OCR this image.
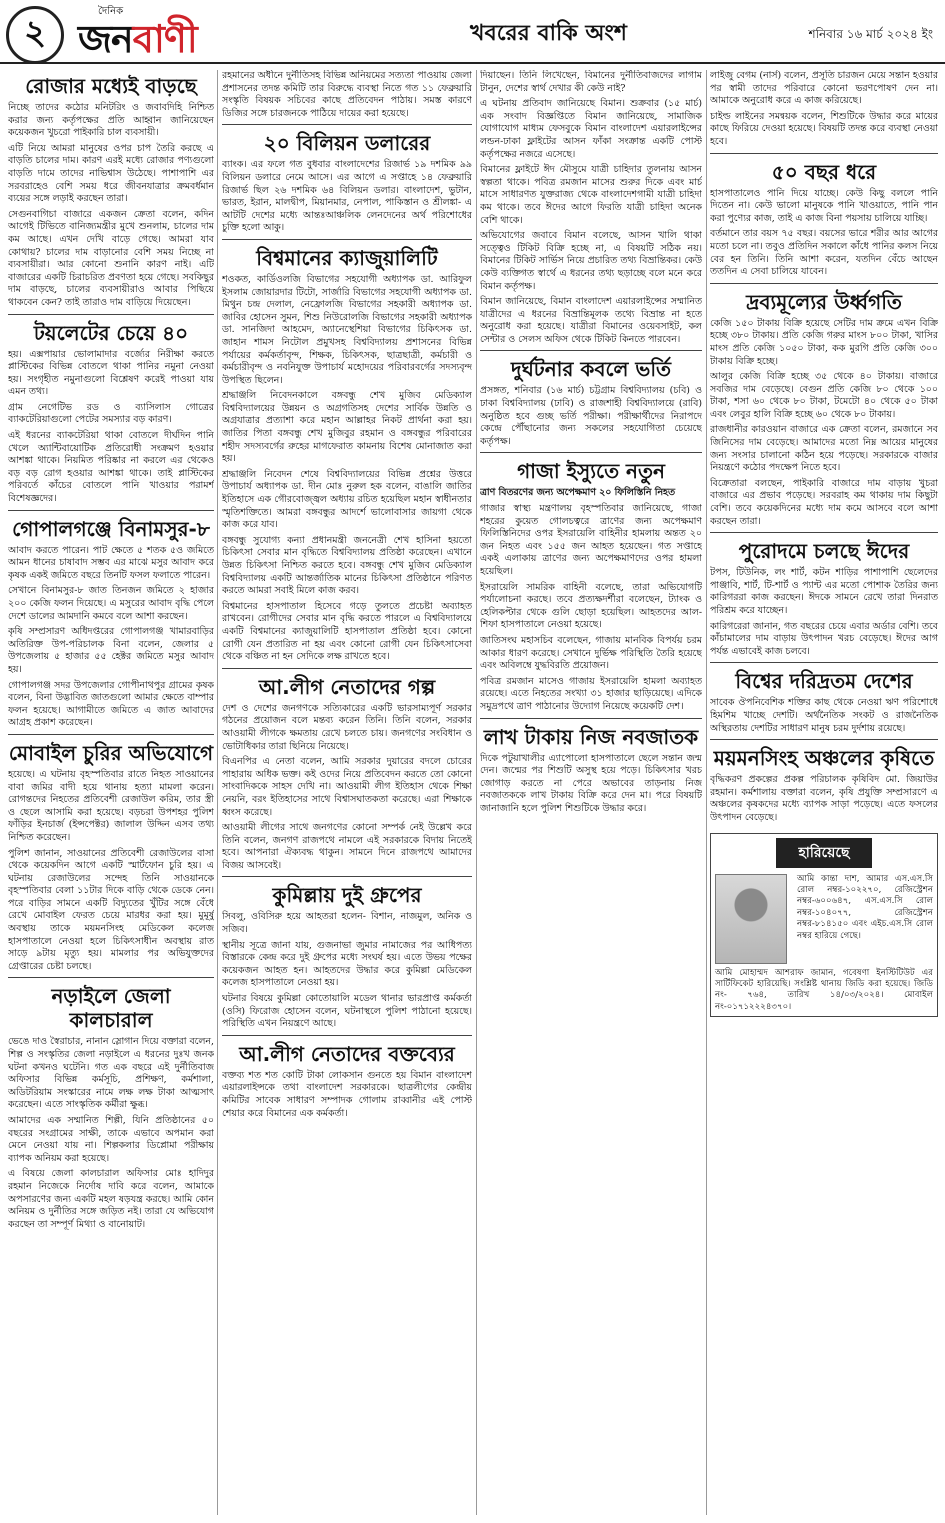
২
দৈনিক
জনবাণী	খবরের বাকি অংশ	শনিবার ১৬ মার্চ ২০২৪ ইং
রোজার মধ্যেই বাড়ছে

নিচ্ছে তাদের কঠোর মনিটরিং ও জবাবদিহি নিশ্চিত করার জন্য কর্তৃপক্ষের প্রতি আহ্বান জানিয়েছেন কয়েকজন খুচরো পাইকারি চাল ব্যবসায়ী।

এটি নিয়ে আমরা মানুষের ওপর চাপ তৈরি করছে এ বাড়তি চালের দাম। কারণ এরই মধ্যে রোজার পণ্যগুলো বাড়তি দামে তাদের নাভিশ্বাস উঠেছে। পাশাপাশি এর সরবরাহেও বেশি সময় ধরে জীবনযাত্রার ক্রমবর্ধমান ব্যয়ের সঙ্গে লড়াই করছেন তারা।

সেগুনবাগিচা বাজারে একজন ক্রেতা বলেন, কদিন আগেই টিভিতে বানিজ্যমন্ত্রীর মুখে শুনলাম, চালের দাম কম আছে। এখন দেখি বাড়ে গেছে। আমরা যাব কোথায়? চালের দাম বাড়ানোর বেশি সময় নিচ্ছে না ব্যবসায়ীরা। আর কোনো শুনানি কারণ নাই। এটি বাজারের একটি চিরাচরিত প্রবণতা হয়ে গেছে। সবকিছুর দাম বাড়ছে, চালের ব্যবসায়ীরাও আবার পিছিয়ে থাকবেন কেন? তাই তারাও দাম বাড়িয়ে দিয়েছেন।

টয়লেটের চেয়ে ৪০

হয়। এক্সপায়ার ভোলামাদার বর্জ্যের নিরীক্ষা করতে প্লাস্টিকের বিভিন্ন বোতলে থাকা পানির নমুনা নেওয়া হয়। সংগৃহীত নমুনাগুলো বিশ্লেষণ করেই পাওয়া যায় এমন তথ্য।

গ্রাম নেগেটিভ রড ও ব্যাসিলাস গোত্রের ব্যাকটেরিয়াগুলো পেটের সমস্যার বড় কারণ।

এই ধরনের ব্যাকটেরিয়া থাকা বোতলে দীর্ঘদিন পানি খেলে অ্যান্টিবায়োটিক প্রতিরোধী সংক্রমণ হওয়ার আশঙ্কা থাকে। নিয়মিত পরিষ্কার না করলে এর থেকেও বড় বড় রোগ হওয়ার আশঙ্কা থাকে। তাই প্লাস্টিকের পরিবর্তে কাঁচের বোতলে পানি খাওয়ার পরামর্শ বিশেষজ্ঞদের।

গোপালগঞ্জে বিনামসুর-৮

আবাদ করতে পারেন। পাট ক্ষেতে ৫ শতক ৫ও জমিতে আমন ধানের চাষাবাদ সম্ভব এর মাঝে মসুর আবাদ করে কৃষক একই জমিতে বছরে তিনটি ফসল ফলাতে পারেন।

সেখানে বিনামসুর-৮ জাত তিনজন জমিতে ২ হাজার ২০০ কেজি ফলন দিয়েছে। এ মসুরের আবাদ বৃদ্ধি পেলে দেশে ডালের আমদানি কমবে বলে আশা করছেন।

কৃষি সম্প্রসারণ অধিদপ্তরের গোপালগঞ্জ খামারবাড়ির অতিরিক্ত উপ-পরিচালক বিনা বলেন, জেলার ৫ উপজেলায় ৫ হাজার ৫৫ হেক্টর জমিতে মসুর আবাদ হয়।

গোপালগঞ্জ সদর উপজেলার গোপীনাথপুর গ্রামের কৃষক বলেন, বিনা উদ্ভাবিত জাতগুলো আমার ক্ষেতে বাম্পার ফলন হয়েছে। আগামীতে জমিতে এ জাত আবাদের আগ্রহ প্রকাশ করেছেন।

মোবাইল চুরির অভিযোগে

হয়েছে। এ ঘটনায় বৃহস্পতিবার রাতে নিহত সাওয়ানের বাবা জমির বাদী হয়ে থানায় হত্যা মামলা করেন। রোগন্তদের নিহতের প্রতিবেশী রেজাউল করিম, তার স্ত্রী ও ছেলে আসামি করা হয়েছে। বড়চরা উপশহর পুলিশ ফাঁড়ির ইনচার্জ (ইন্সপেক্টর) জালাল উদ্দিন এসব তথ্য নিশ্চিত করেছেন।

পুলিশ জানান, সাওয়ানের প্রতিবেশী রেজাউলের বাসা থেকে কয়েকদিন আগে একটি স্মার্টফোন চুরি হয়। এ ঘটনায় রেজাউলের সন্দেহ তিনি সাওয়ানকে বৃহস্পতিবার বেলা ১১টার দিকে বাড়ি থেকে ডেকে নেন। পরে বাড়ির সামনে একটি বিদ্যুতের খুঁটির সঙ্গে বেঁধে রেখে মোবাইল ফেরত চেয়ে মারধর করা হয়। মুমূর্ষু অবস্থায় তাকে ময়মনসিংহ মেডিকেল কলেজ হাসপাতালে নেওয়া হলে চিকিৎসাধীন অবস্থায় রাত সাড়ে ৯টায় মৃত্যু হয়। মামলার পর অভিযুক্তদের গ্রেপ্তারের চেষ্টা চলছে।

নড়াইলে জেলা কালচারাল

ভেঙে দাও স্বৈরাচার, নানান স্লোগান দিয়ে বক্তারা বলেন, শিল্প ও সংস্কৃতির জেলা নড়াইলে এ ধরনের দুঃখ জনক ঘটনা কখনও ঘটেনি। গত এক বছরে এই দুর্নীতিবাজ অফিসার বিভিন্ন কর্মসূচি, প্রশিক্ষণ, কর্মশালা, অডিটরিয়াম সংস্কারের নামে লক্ষ লক্ষ টাকা আত্মসাৎ করেছেন। এতে সাংস্কৃতিক কর্মীরা ক্ষুব্ধ।

আমাদের এক সম্মানিত শিল্পী, যিনি প্রতিষ্ঠানের ৫০ বছরের সংগ্রামের সাক্ষী, তাকে এভাবে অপমান করা মেনে নেওয়া যায় না। শিল্পকলার ডিপ্লোমা পরীক্ষায় ব্যাপক অনিয়ম করা হয়েছে।

এ বিষয়ে জেলা কালচারাল অফিসার মোঃ হাদিদুর রহমান নিজেকে নির্দোষ দাবি করে বলেন, আমাকে অপসারণের জন্য একটি মহল ষড়যন্ত্র করছে। আমি কোন অনিয়ম ও দুর্নীতির সঙ্গে জড়িত নই। তারা যে অভিযোগ করছেন তা সম্পূর্ণ মিথ্যা ও বানোয়াট।

রহমানের অধীনে দুর্নীতিসহ বিভিন্ন অনিয়মের সত্যতা পাওয়ায় জেলা প্রশাসনের তদন্ত কমিটি তার বিরুদ্ধে ব্যবস্থা নিতে গত ১১ ফেব্রুয়ারি সংস্কৃতি বিষয়ক সচিবের কাছে প্রতিবেদন পাঠায়। সমস্ত কারণে ডিজির সঙ্গে চারজনকে পাঠিয়ে দায়ের করা হয়েছে।

২০ বিলিয়ন ডলারের

ব্যাংক। এর ফলে গত বুধবার বাংলাদেশের রিজার্ভ ১৯ দশমিক ৯৯ বিলিয়ন ডলারে নেমে আসে। এর আগে এ সপ্তাহে ১৪ ফেব্রুয়ারি রিজার্ভ ছিল ২৬ দশমিক ৬৪ বিলিয়ন ডলার। বাংলাদেশ, ভুটান, ভারত, ইরান, মালদ্বীপ, মিয়ানমার, নেপাল, পাকিস্তান ও শ্রীলঙ্কা- এ আটটি দেশের মধ্যে আন্তঃআঞ্চলিক লেনদেনের অর্থ পরিশোধের চুক্তি হলো আকু।

বিশ্বমানের ক্যাজুয়ালিটি

শওকত, কার্ডিওলজি বিভাগের সহযোগী অধ্যাপক ডা. আরিফুল ইসলাম জোয়ারদার টিটো, সার্জারি বিভাগের সহযোগী অধ্যাপক ডা. মিথুন চন্দ্র দেলাল, নেফ্রোলজি বিভাগের সহকারী অধ্যাপক ডা. জাবির হোসেন সুমন, শিশু নিউরোলজি বিভাগের সহকারী অধ্যাপক ডা. সানজিদা আহমেদ, অ্যানেস্থেশিয়া বিভাগের চিকিৎসক ডা. জাহান শামস নিটোল প্রমুখসহ বিশ্ববিদ্যালয় প্রশাসনের বিভিন্ন পর্যায়ের কর্মকর্তাবৃন্দ, শিক্ষক, চিকিৎসক, ছাত্রছাত্রী, কর্মচারী ও কর্মচারীবৃন্দ ও নবনিযুক্ত উপাচার্য মহোদয়ের পরিবারবর্গের সদস্যবৃন্দ উপস্থিত ছিলেন।

শ্রদ্ধাঞ্জলি নিবেদনকালে বঙ্গবন্ধু শেখ মুজিব মেডিক্যাল বিশ্ববিদ্যালয়ের উন্নয়ন ও অগ্রগতিসহ দেশের সার্বিক উন্নতি ও অগ্রযাত্রার প্রত্যাশা করে মহান আল্লাহর নিকট প্রার্থনা করা হয়। জাতির পিতা বঙ্গবন্ধু শেখ মুজিবুর রহমান ও বঙ্গবন্ধুর পরিবারের শহীদ সদস্যবর্গের রুহের মাগফেরাত কামনায় বিশেষ মোনাজাত করা হয়।

শ্রদ্ধাঞ্জলি নিবেদন শেষে বিশ্ববিদ্যালয়ের বিভিন্ন প্রশ্নের উত্তরে উপাচার্য অধ্যাপক ডা. দীন মোঃ নুরুল হক বলেন, বাঙালি জাতির ইতিহাসে এক গৌরবোজ্জ্বল অধ্যায় রচিত হয়েছিল মহান স্বাধীনতার স্মৃতিশক্তিতে। আমরা বঙ্গবন্ধুর আদর্শে ভালোবাসার জায়গা থেকে কাজ করে যাব।

বঙ্গবন্ধু সুযোগ্য কন্যা প্রধানমন্ত্রী জননেত্রী শেখ হাসিনা হয়তো চিকিৎসা সেবার মান বৃদ্ধিতে বিশ্ববিদ্যালয় প্রতিষ্ঠা করেছেন। এখানে উন্নত চিকিৎসা নিশ্চিত করতে হবে। বঙ্গবন্ধু শেখ মুজিব মেডিক্যাল বিশ্ববিদ্যালয় একটি আন্তর্জাতিক মানের চিকিৎসা প্রতিষ্ঠানে পরিণত করতে আমরা সবাই মিলে কাজ করব।

বিশ্বমানের হাসপাতাল হিসেবে গড়ে তুলতে প্রচেষ্টা অব্যাহত রাখবেন। রোগীদের সেবার মান বৃদ্ধি করতে পারলে এ বিশ্ববিদ্যালয়ে একটি বিশ্বমানের ক্যাজুয়ালিটি হাসপাতাল প্রতিষ্ঠা হবে। কোনো রোগী যেন প্রতারিত না হয় এবং কোনো রোগী যেন চিকিৎসাসেবা থেকে বঞ্চিত না হন সেদিকে লক্ষ রাখতে হবে।

আ.লীগ নেতাদের গল্প

দেশ ও দেশের জনগণকে সত্যিকারের একটি ভারসাম্যপূর্ণ সরকার গঠনের প্রয়োজন বলে মন্তব্য করেন তিনি। তিনি বলেন, সরকার আওয়ামী লীগকে ক্ষমতায় রেখে চলতে চায়। জনগণের সংবিধান ও ভোটাধিকার তারা ছিনিয়ে নিয়েছে।

বিএনপির এ নেতা বলেন, আমি সরকার দুয়ারের বদলে চোরের পাহারায় অধিক ভক্ত। কই ওদের নিয়ে প্রতিবেদন করতে তো কোনো সাংবাদিককে সাহস দেখি না। আওয়ামী লীগ ইতিহাস থেকে শিক্ষা নেয়নি, বরং ইতিহাসের সাথে বিশ্বাসঘাতকতা করেছে। এরা শিক্ষাকে ধ্বংস করেছে।

আওয়ামী লীগের সাথে জনগণের কোনো সম্পর্ক নেই উল্লেখ করে তিনি বলেন, জনগণ রাজপথে নামলে এই সরকারকে বিদায় নিতেই হবে। আপনারা ঐক্যবদ্ধ থাকুন। সামনে দিনে রাজপথে আমাদের বিজয় আসবেই।

কুমিল্লায় দুই গ্রুপের

সিবলু, ওবিসিরু হয়ে আহতরা হলেন- বিশান, নাজমুল, অনিক ও সজিব।

স্থানীয় সূত্রে জানা যায়, গুজনাভা জুমার নামাজের পর আধিপত্য বিস্তারকে কেন্দ্র করে দুই গ্রুপের মধ্যে সংঘর্ষ হয়। এতে উভয় পক্ষের কয়েকজন আহত হন। আহতদের উদ্ধার করে কুমিল্লা মেডিকেল কলেজ হাসপাতালে নেওয়া হয়।

ঘটনার বিষয়ে কুমিল্লা কোতোয়ালি মডেল থানার ভারপ্রাপ্ত কর্মকর্তা (ওসি) ফিরোজ হোসেন বলেন, ঘটনাস্থলে পুলিশ পাঠানো হয়েছে। পরিস্থিতি এখন নিয়ন্ত্রণে আছে।

আ.লীগ নেতাদের বক্তব্যের

বক্তব্য শত শত কোটি টাকা লোকসান গুনতে হয় বিমান বাংলাদেশ এয়ারলাইন্সকে তথা বাংলাদেশ সরকারকে। ছাত্রলীগের কেন্দ্রীয় কমিটির সাবেক সাধারণ সম্পাদক গোলাম রাব্বানীর এই পোস্ট শেয়ার করে বিমানের এক কর্মকর্তা।

দিয়াছেন। তিনি লিখেছেন, বিমানের দুর্নীতিবাজদের লাগাম টানুন, দেশের স্বার্থ দেখার কী কেউ নাই?

এ ঘটনায় প্রতিবাদ জানিয়েছে বিমান। শুক্রবার (১৫ মার্চ) এক সংবাদ বিজ্ঞপ্তিতে বিমান জানিয়েছে, সামাজিক যোগাযোগ মাধ্যম ফেসবুকে বিমান বাংলাদেশ এয়ারলাইন্সের লন্ডন-ঢাকা ফ্লাইটের আসন ফাঁকা সংক্রান্ত একটি পোস্ট কর্তৃপক্ষের নজরে এসেছে।

বিমানের ফ্লাইটে ঈদ মৌসুমে যাত্রী চাহিদার তুলনায় আসন স্বল্পতা থাকে। পবিত্র রমজান মাসের শুরুর দিকে এবং মার্চ মাসে সাধারণত যুক্তরাজ্য থেকে বাংলাদেশগামী যাত্রী চাহিদা কম থাকে। তবে ঈদের আগে ফিরতি যাত্রী চাহিদা অনেক বেশি থাকে।

অভিযোগের জবাবে বিমান বলেছে, আসন খালি থাকা সত্ত্বেও টিকিট বিক্রি হচ্ছে না, এ বিষয়টি সঠিক নয়। বিমানের টিকিট সার্ভিস নিয়ে প্রচারিত তথ্য বিভ্রান্তিকর। কেউ কেউ ব্যক্তিগত স্বার্থে এ ধরনের তথ্য ছড়াচ্ছে বলে মনে করে বিমান কর্তৃপক্ষ।

বিমান জানিয়েছে, বিমান বাংলাদেশ এয়ারলাইন্সের সম্মানিত যাত্রীদের এ ধরনের বিভ্রান্তিমূলক তথ্যে বিভ্রান্ত না হতে অনুরোধ করা হয়েছে। যাত্রীরা বিমানের ওয়েবসাইট, কল সেন্টার ও সেলস অফিস থেকে টিকিট কিনতে পারবেন।

দুর্ঘটনার কবলে ভর্তি

প্রসঙ্গত, শনিবার (১৬ মার্চ) চট্টগ্রাম বিশ্ববিদ্যালয় (চবি) ও ঢাকা বিশ্ববিদ্যালয় (ঢাবি) ও রাজশাহী বিশ্ববিদ্যালয়ে (রাবি) অনুষ্ঠিত হবে গুচ্ছ ভর্তি পরীক্ষা। পরীক্ষার্থীদের নিরাপদে কেন্দ্রে পৌঁছানোর জন্য সকলের সহযোগিতা চেয়েছে কর্তৃপক্ষ।

গাজা ইস্যুতে নতুন

ত্রাণ বিতরণের জন্য অপেক্ষমাণ ২০ ফিলিস্তিনি নিহত

গাজার স্বাস্থ্য মন্ত্রণালয় বৃহস্পতিবার জানিয়েছে, গাজা শহরের কুয়েত গোলচত্বরে ত্রাণের জন্য অপেক্ষমাণ ফিলিস্তিনিদের ওপর ইসরায়েলি বাহিনীর হামলায় অন্তত ২০ জন নিহত এবং ১৫৫ জন আহত হয়েছেন। গত সপ্তাহে একই এলাকায় ত্রাণের জন্য অপেক্ষমাণদের ওপর হামলা হয়েছিল।

ইসরায়েলি সামরিক বাহিনী বলেছে, তারা অভিযোগটি পর্যালোচনা করছে। তবে প্রত্যক্ষদর্শীরা বলেছেন, ট্যাংক ও হেলিকপ্টার থেকে গুলি ছোড়া হয়েছিল। আহতদের আল-শিফা হাসপাতালে নেওয়া হয়েছে।

জাতিসংঘ মহাসচিব বলেছেন, গাজায় মানবিক বিপর্যয় চরম আকার ধারণ করেছে। সেখানে দুর্ভিক্ষ পরিস্থিতি তৈরি হয়েছে এবং অবিলম্বে যুদ্ধবিরতি প্রয়োজন।

পবিত্র রমজান মাসেও গাজায় ইসরায়েলি হামলা অব্যাহত রয়েছে। এতে নিহতের সংখ্যা ৩১ হাজার ছাড়িয়েছে। এদিকে সমুদ্রপথে ত্রাণ পাঠানোর উদ্যোগ নিয়েছে কয়েকটি দেশ।

লাখ টাকায় নিজ নবজাতক

দিকে পটুয়াখালীর এ্যাপোলো হাসপাতালে ছেলে সন্তান জন্ম দেন। জন্মের পর শিশুটি অসুস্থ হয়ে পড়ে। চিকিৎসার খরচ জোগাড় করতে না পেরে অভাবের তাড়নায় নিজ নবজাতককে লাখ টাকায় বিক্রি করে দেন মা। পরে বিষয়টি জানাজানি হলে পুলিশ শিশুটিকে উদ্ধার করে।

লাইজু বেগম (নার্স) বলেন, প্রসূতি চারজন মেয়ে সন্তান হওয়ার পর স্বামী তাদের পরিবারে কোনো ভরণপোষণ দেন না। আমাকে অনুরোধ করে এ কাজ করিয়েছে।

চাইল্ড লাইনের সমন্বয়ক বলেন, শিশুটিকে উদ্ধার করে মায়ের কাছে ফিরিয়ে দেওয়া হয়েছে। বিষয়টি তদন্ত করে ব্যবস্থা নেওয়া হবে।

৫০ বছর ধরে

হাসপাতালেও পানি দিয়ে যাচ্ছে। কেউ কিছু বললে পানি দিতেন না। কেউ ভালো মানুষকে পানি খাওয়াতে, পানি পান করা পুণ্যের কাজ, তাই এ কাজ বিনা পয়সায় চালিয়ে যাচ্ছি।

বর্তমানে তার বয়স ৭৫ বছর। বয়সের ভারে শরীর আর আগের মতো চলে না। তবুও প্রতিদিন সকালে কাঁধে পানির কলস নিয়ে বের হন তিনি। তিনি আশা করেন, যতদিন বেঁচে আছেন ততদিন এ সেবা চালিয়ে যাবেন।

দ্রব্যমূল্যের উর্ধ্বগতি

কেজি ১৫০ টাকায় বিক্রি হয়েছে সেটির দাম ক্রমে এখন বিক্রি হচ্ছে ৩৮০ টাকায়। প্রতি কেজি গরুর মাংস ৮০০ টাকা, খাসির মাংস প্রতি কেজি ১০৫০ টাকা, কক মুরগি প্রতি কেজি ৩০০ টাকায় বিক্রি হচ্ছে।

আলুর কেজি বিক্রি হচ্ছে ৩৫ থেকে ৪০ টাকায়। বাজারে সবজির দাম বেড়েছে। বেগুন প্রতি কেজি ৮০ থেকে ১০০ টাকা, শসা ৬০ থেকে ৮০ টাকা, টমেটো ৪০ থেকে ৫০ টাকা এবং লেবুর হালি বিক্রি হচ্ছে ৬০ থেকে ৮০ টাকায়।

রাজধানীর কারওয়ান বাজারে এক ক্রেতা বলেন, রমজানে সব জিনিসের দাম বেড়েছে। আমাদের মতো নিম্ন আয়ের মানুষের জন্য সংসার চালানো কঠিন হয়ে পড়েছে। সরকারকে বাজার নিয়ন্ত্রণে কঠোর পদক্ষেপ নিতে হবে।

বিক্রেতারা বলছেন, পাইকারি বাজারে দাম বাড়ায় খুচরা বাজারে এর প্রভাব পড়েছে। সরবরাহ কম থাকায় দাম কিছুটা বেশি। তবে কয়েকদিনের মধ্যে দাম কমে আসবে বলে আশা করছেন তারা।

পুরোদমে চলছে ঈদের

টপস, টিউনিক, লং শার্ট, কটন শাড়ির পাশাপাশি ছেলেদের পাঞ্জাবি, শার্ট, টি-শার্ট ও প্যান্ট এর মতো পোশাক তৈরির জন্য কারিগররা কাজ করছেন। ঈদকে সামনে রেখে তারা দিনরাত পরিশ্রম করে যাচ্ছেন।

কারিগরেরা জানান, গত বছরের চেয়ে এবার অর্ডার বেশি। তবে কাঁচামালের দাম বাড়ায় উৎপাদন খরচ বেড়েছে। ঈদের আগ পর্যন্ত এভাবেই কাজ চলবে।

বিশ্বের দরিদ্রতম দেশের

সাবেক ঔপনিবেশিক শক্তির কাছ থেকে নেওয়া ঋণ পরিশোধে হিমশিম খাচ্ছে দেশটি। অর্থনৈতিক সংকট ও রাজনৈতিক অস্থিরতায় দেশটির সাধারণ মানুষ চরম দুর্দশায় রয়েছে।

ময়মনসিংহ অঞ্চলের কৃষিতে

বৃদ্ধিকরণ প্রকল্পের প্রকল্প পরিচালক কৃষিবিদ মো. জিয়াউর রহমান। কর্মশালায় বক্তারা বলেন, কৃষি প্রযুক্তি সম্প্রসারণে এ অঞ্চলের কৃষকদের মধ্যে ব্যাপক সাড়া পড়েছে। এতে ফসলের উৎপাদন বেড়েছে।

হারিয়েছে

আমি কান্তা দাশ, আমার এস.এস.সি রোল নম্বর-১০২২৭০, রেজিস্ট্রেশন নম্বর-৬০০৬৪৭, এস.এস.সি রোল নম্বর-১০৪০৭৭, রেজিস্ট্রেশন নম্বর-৮১৪১৫০ এবং এইচ.এস.সি রোল নম্বর হারিয়ে গেছে।

আমি মোহাম্মদ আশরাফ জামান, গবেষণা ইনস্টিটিউট এর সার্টিফিকেট হারিয়েছি। সংশ্লিষ্ট থানায় জিডি করা হয়েছে। জিডি নং- ৭৬৪, তারিখ ১৪/০৩/২০২৪। মোবাইল নং-০১৭১২২২৪৩৭০।
